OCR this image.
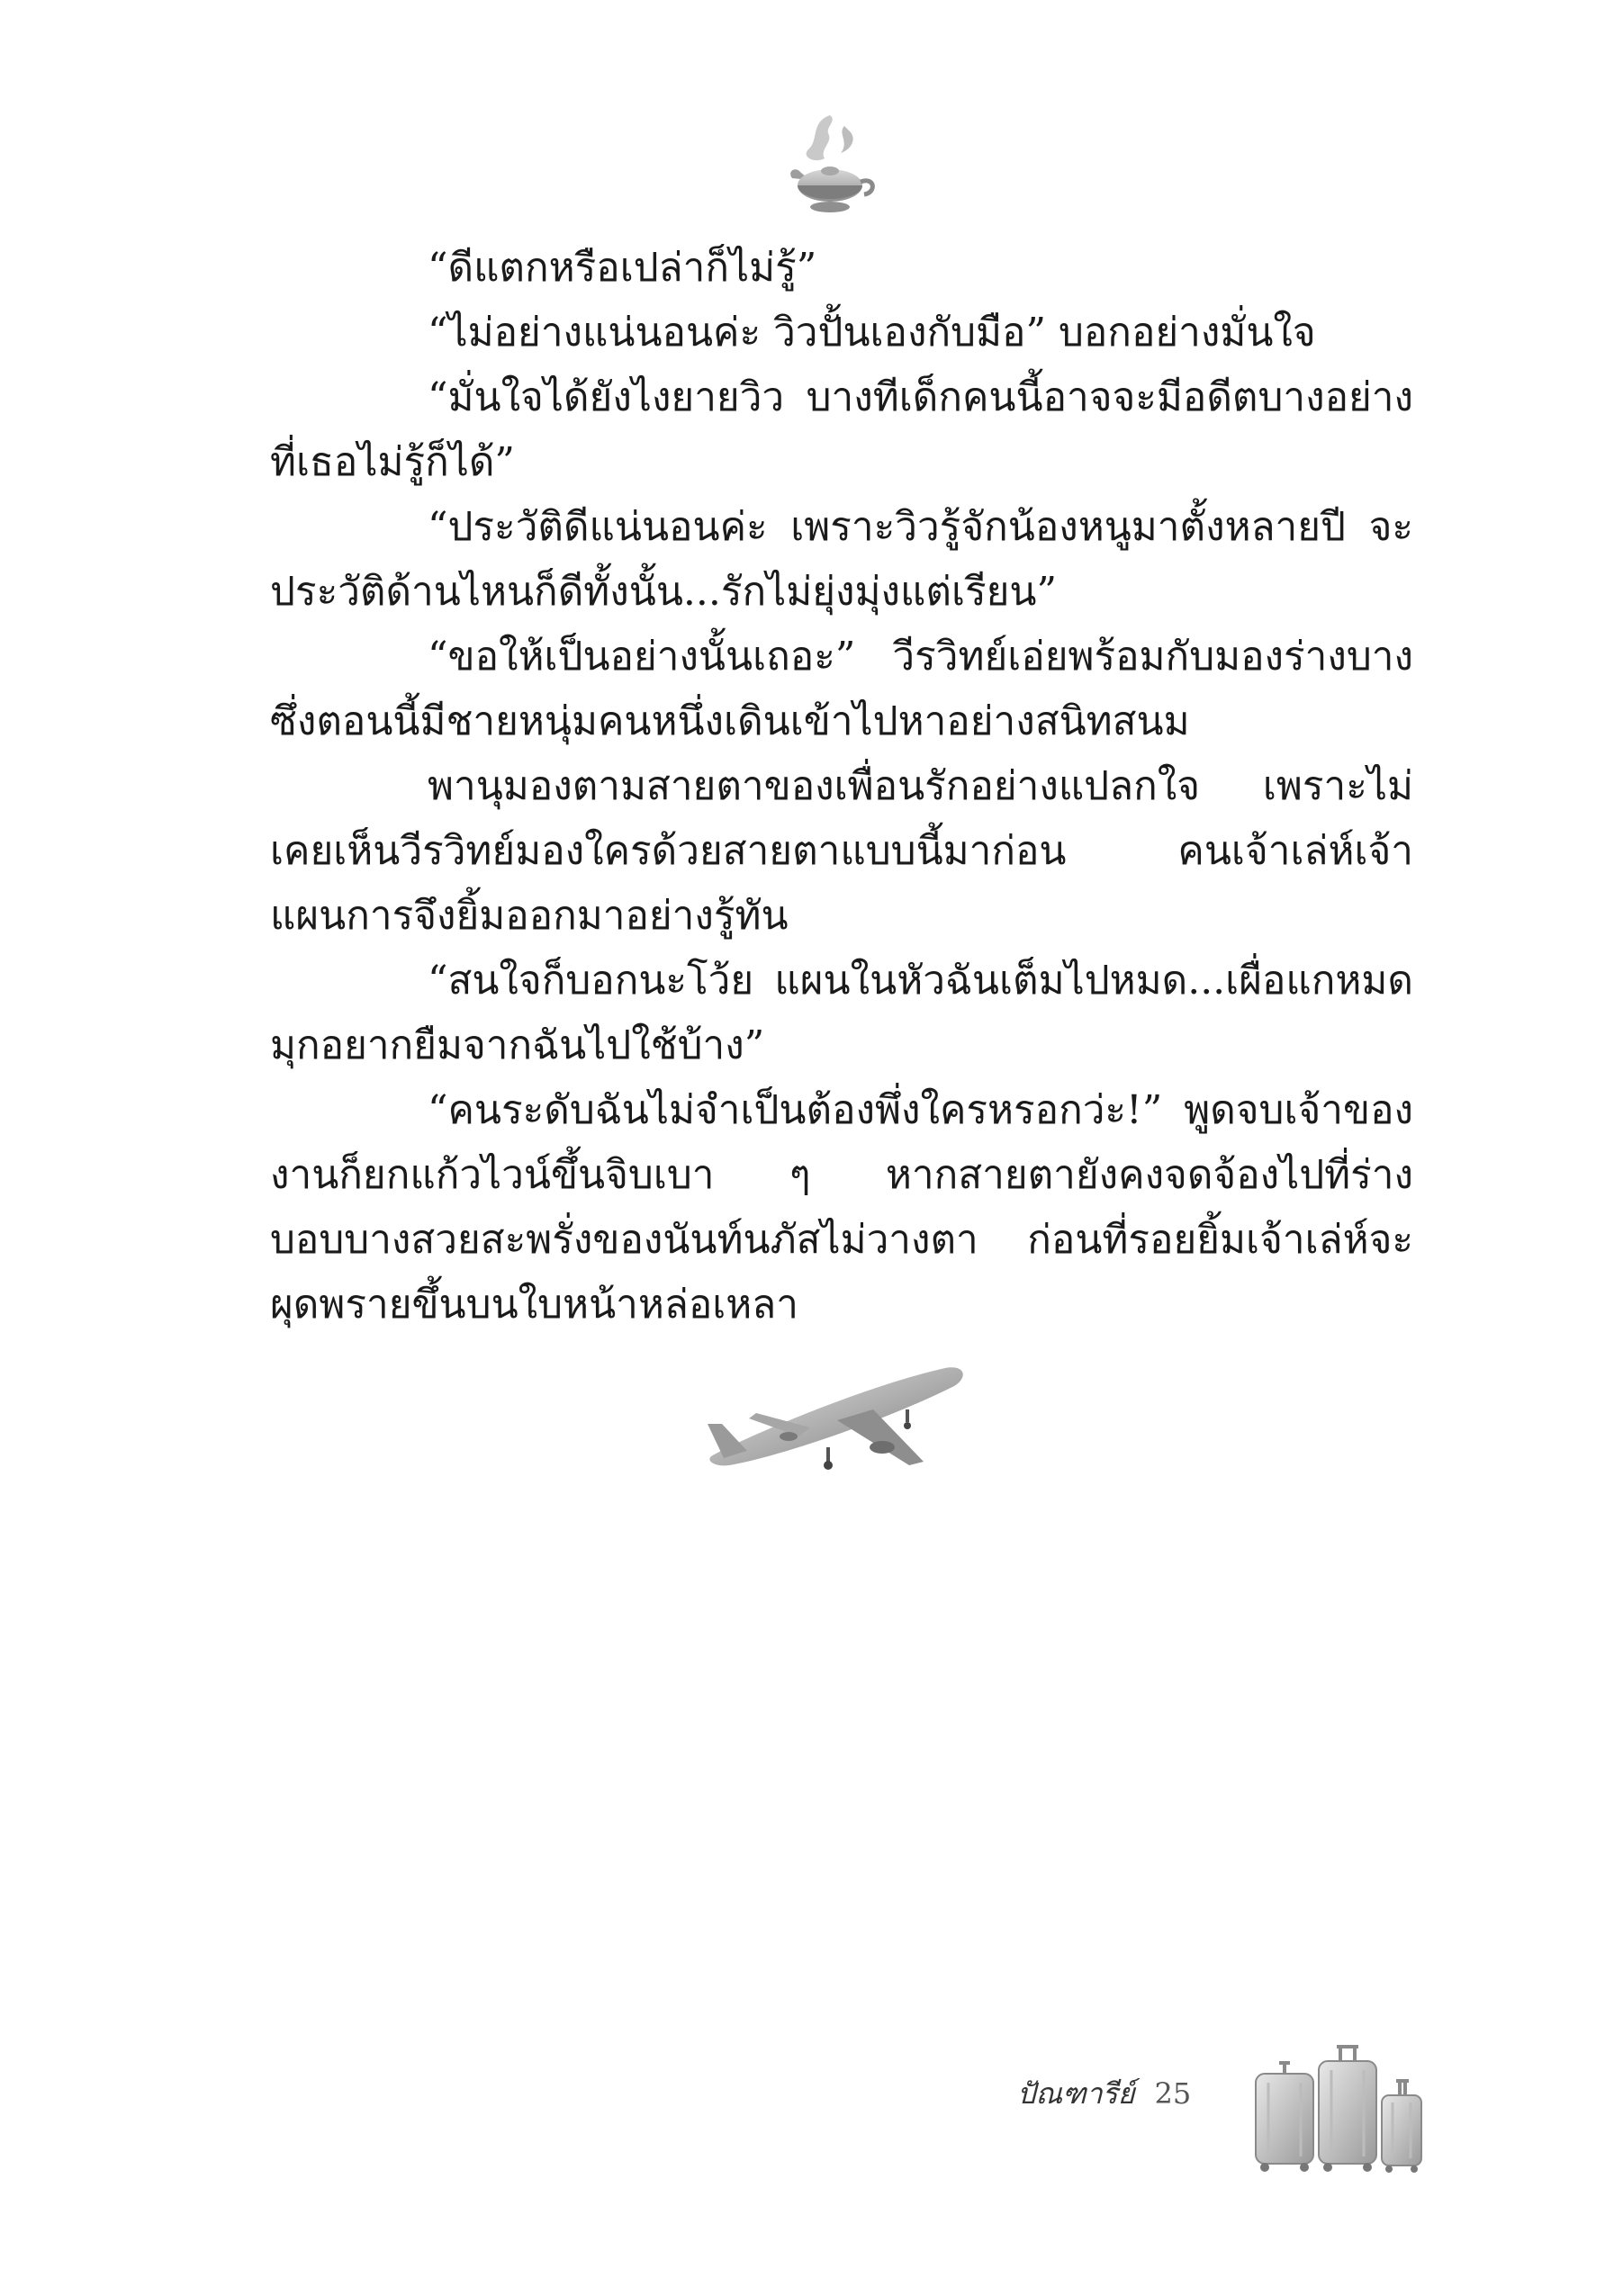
“ดีแตกหรือเปล่าก็ไม่รู้”

“ไม่อย่างแน่นอนค่ะ วิวปั้นเองกับมือ” บอกอย่างมั่นใจ

“มั่นใจได้ยังไงยายวิว บางทีเด็กคนนี้อาจจะมีอดีตบางอย่างที่เธอไม่รู้ก็ได้”

“ประวัติดีแน่นอนค่ะ เพราะวิวรู้จักน้องหนูมาตั้งหลายปี จะประวัติด้านไหนก็ดีทั้งนั้น...รักไม่ยุ่งมุ่งแต่เรียน”

“ขอให้เป็นอย่างนั้นเถอะ” วีรวิทย์เอ่ยพร้อมกับมองร่างบางซึ่งตอนนี้มีชายหนุ่มคนหนึ่งเดินเข้าไปหาอย่างสนิทสนม

พานุมองตามสายตาของเพื่อนรักอย่างแปลกใจ เพราะไม่เคยเห็นวีรวิทย์มองใครด้วยสายตาแบบนี้มาก่อน คนเจ้าเล่ห์เจ้าแผนการจึงยิ้มออกมาอย่างรู้ทัน

“สนใจก็บอกนะโว้ย แผนในหัวฉันเต็มไปหมด...เผื่อแกหมดมุกอยากยืมจากฉันไปใช้บ้าง”

“คนระดับฉันไม่จำเป็นต้องพึ่งใครหรอกว่ะ!” พูดจบเจ้าของงานก็ยกแก้วไวน์ขึ้นจิบเบา ๆ หากสายตายังคงจดจ้องไปที่ร่างบอบบางสวยสะพรั่งของนันท์นภัสไม่วางตา ก่อนที่รอยยิ้มเจ้าเล่ห์จะผุดพรายขึ้นบนใบหน้าหล่อเหลา

ปัณฑารีย์ 25
